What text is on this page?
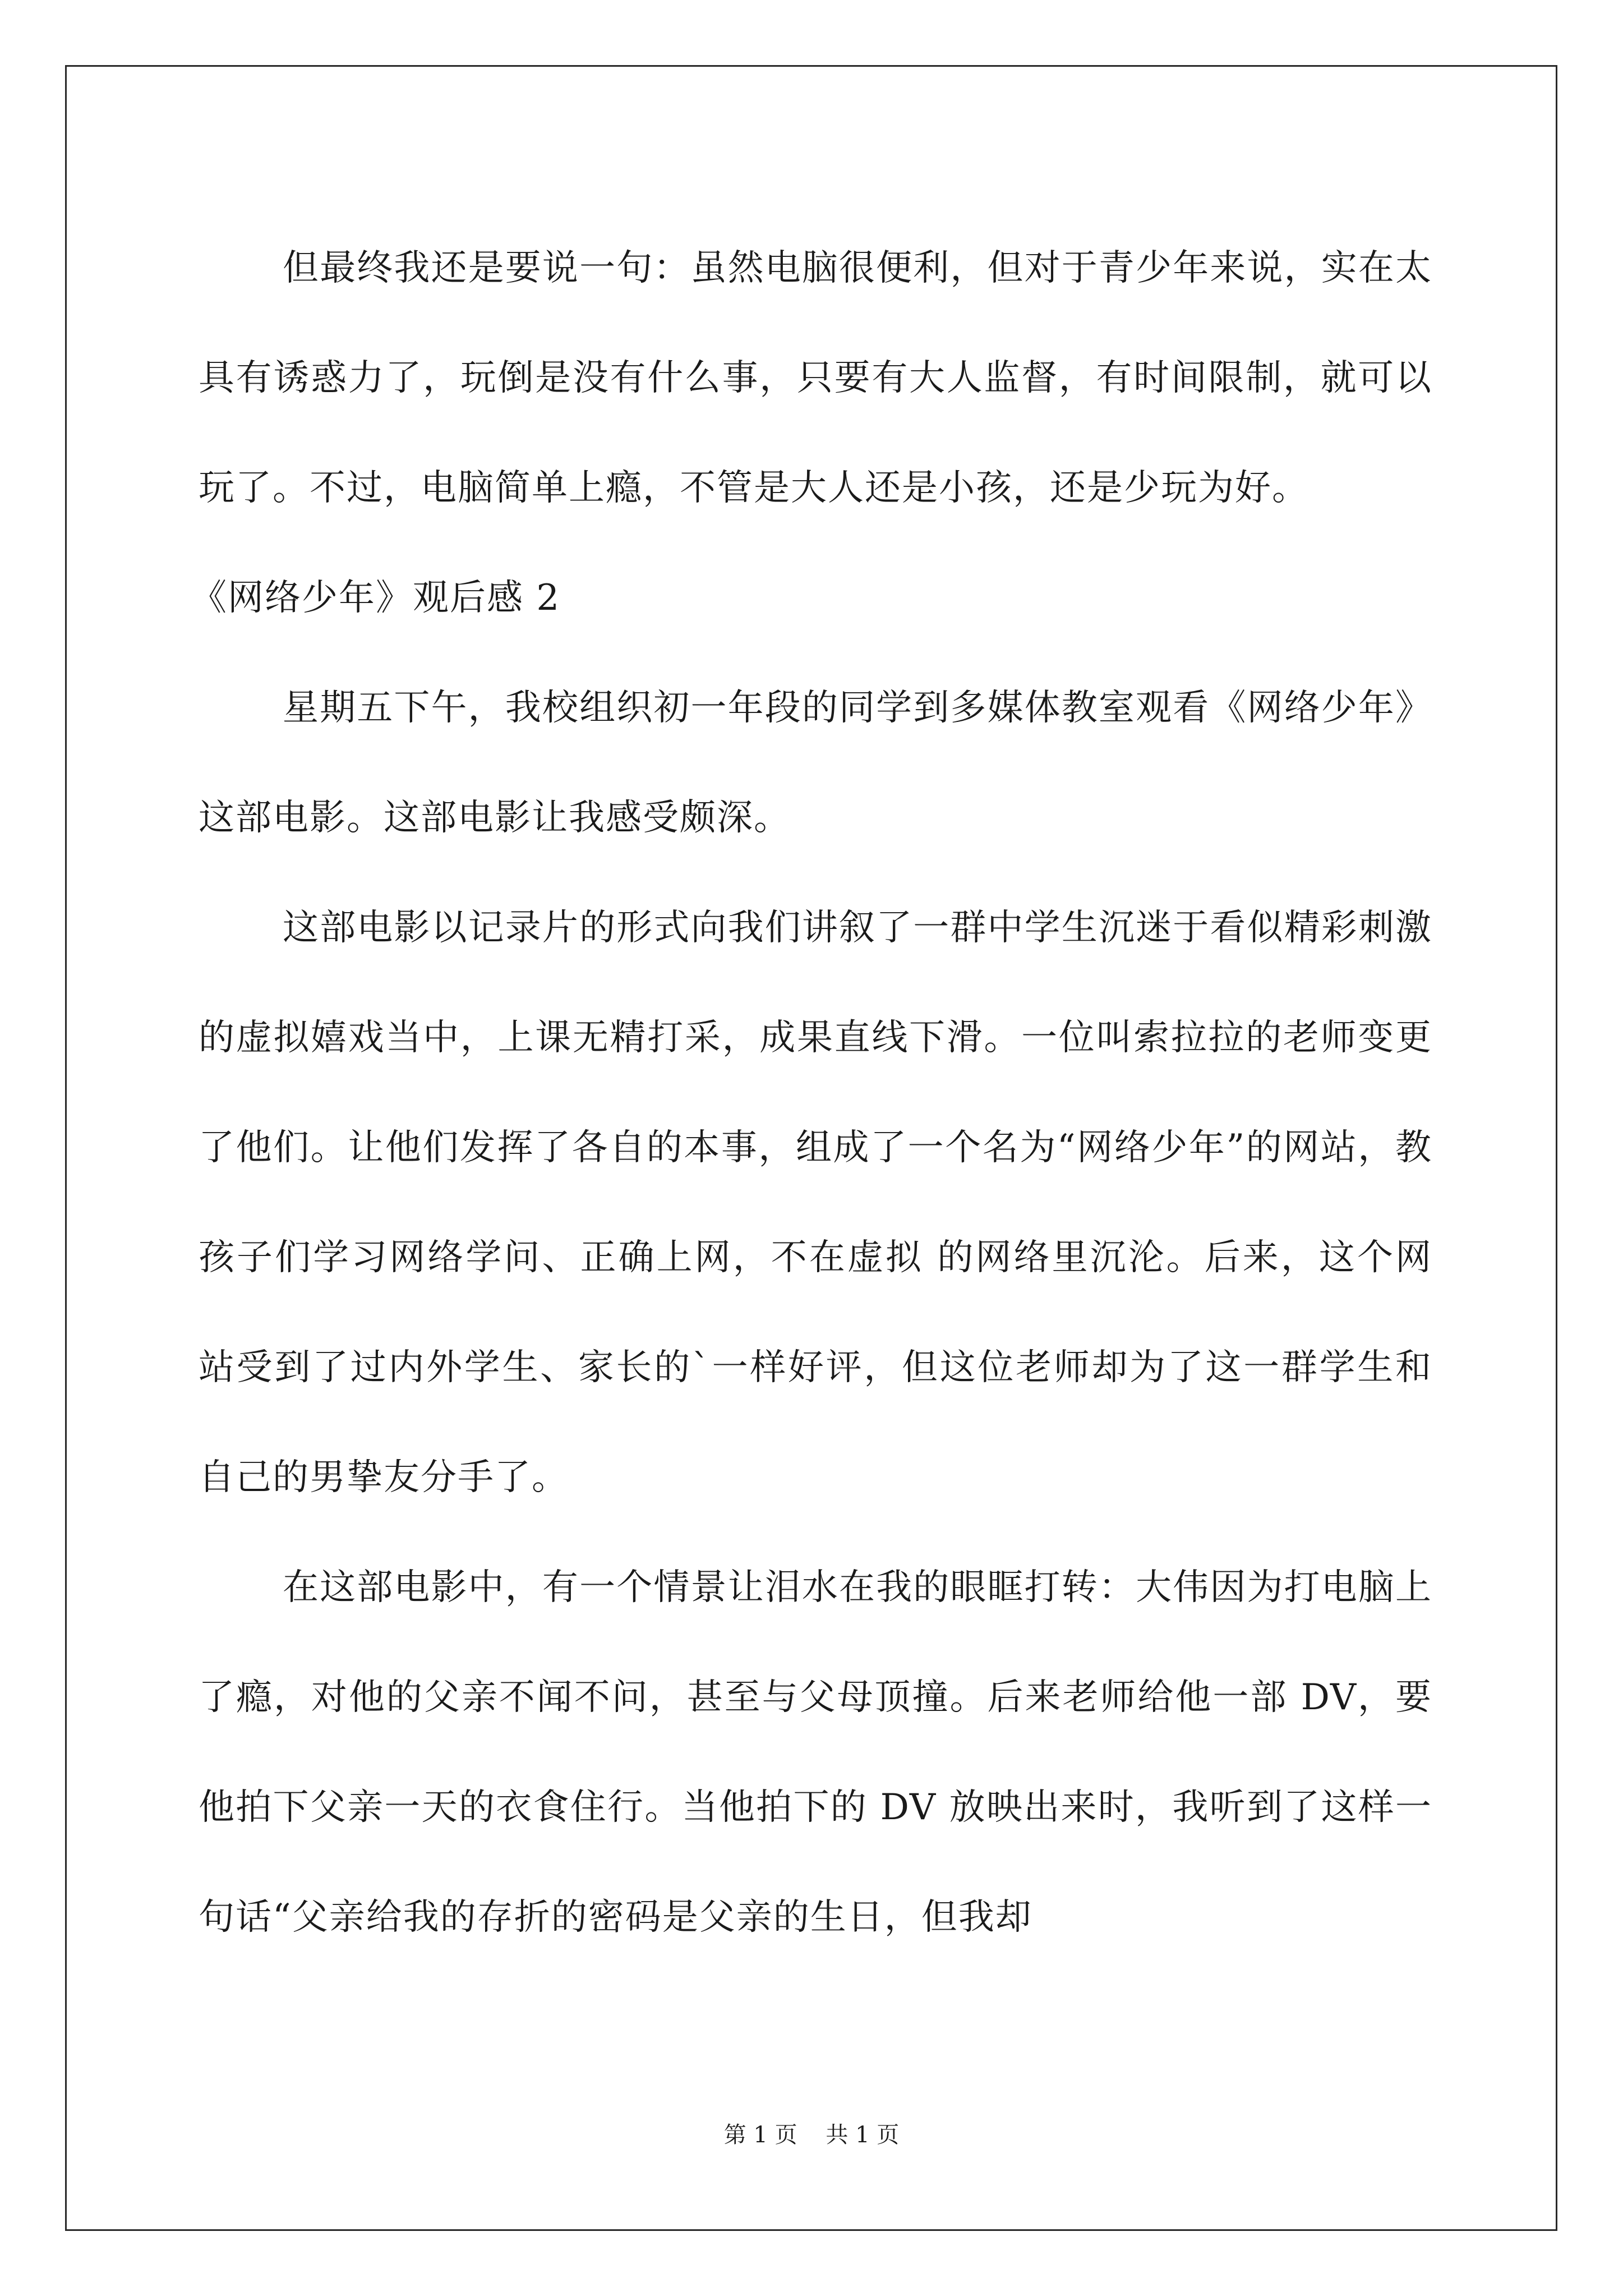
但最终我还是要说一句：虽然电脑很便利，但对于青少年来说，实在太具有诱惑力了，玩倒是没有什么事，只要有大人监督，有时间限制，就可以玩了。不过，电脑简单上瘾，不管是大人还是小孩，还是少玩为好。

《网络少年》观后感 2

星期五下午，我校组织初一年段的同学到多媒体教室观看《网络少年》这部电影。这部电影让我感受颇深。

这部电影以记录片的形式向我们讲叙了一群中学生沉迷于看似精彩刺激的虚拟嬉戏当中，上课无精打采，成果直线下滑。一位叫索拉拉的老师变更了他们。让他们发挥了各自的本事，组成了一个名为“网络少年”的网站，教孩子们学习网络学问、正确上网，不在虚拟 的网络里沉沦。后来，这个网站受到了过内外学生、家长的`一样好评，但这位老师却为了这一群学生和自己的男挚友分手了。

在这部电影中，有一个情景让泪水在我的眼眶打转：大伟因为打电脑上了瘾，对他的父亲不闻不问，甚至与父母顶撞。后来老师给他一部 DV，要他拍下父亲一天的衣食住行。当他拍下的 DV 放映出来时，我听到了这样一句话“父亲给我的存折的密码是父亲的生日，但我却

第 1 页    共 1 页
